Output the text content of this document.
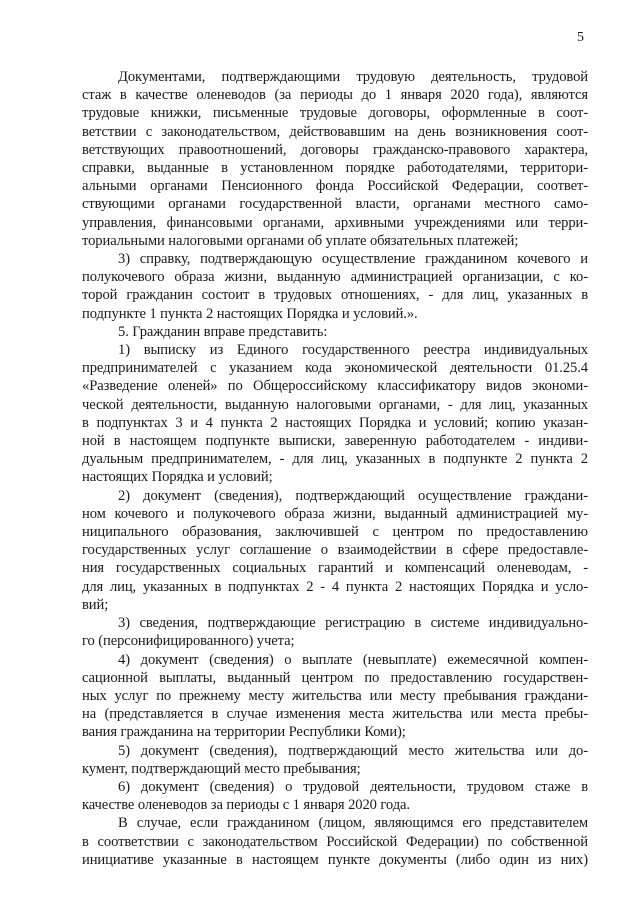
5

Документами, подтверждающими трудовую деятельность, трудовой
стаж в качестве оленеводов (за периоды до 1 января 2020 года), являются
трудовые книжки, письменные трудовые договоры, оформленные в соот-
ветствии с законодательством, действовавшим на день возникновения соот-
ветствующих правоотношений, договоры гражданско-правового характера,
справки, выданные в установленном порядке работодателями, территори-
альными органами Пенсионного фонда Российской Федерации, соответ-
ствующими органами государственной власти, органами местного само-
управления, финансовыми органами, архивными учреждениями или терри-
ториальными налоговыми органами об уплате обязательных платежей;

3) справку, подтверждающую осуществление гражданином кочевого и
полукочевого образа жизни, выданную администрацией организации, с ко-
торой гражданин состоит в трудовых отношениях, - для лиц, указанных в
подпункте 1 пункта 2 настоящих Порядка и условий.».

5. Гражданин вправе представить:

1) выписку из Единого государственного реестра индивидуальных
предпринимателей с указанием кода экономической деятельности 01.25.4
«Разведение оленей» по Общероссийскому классификатору видов экономи-
ческой деятельности, выданную налоговыми органами, - для лиц, указанных
в подпунктах 3 и 4 пункта 2 настоящих Порядка и условий; копию указан-
ной в настоящем подпункте выписки, заверенную работодателем - индиви-
дуальным предпринимателем, - для лиц, указанных в подпункте 2 пункта 2
настоящих Порядка и условий;

2) документ (сведения), подтверждающий осуществление граждани-
ном кочевого и полукочевого образа жизни, выданный администрацией му-
ниципального образования, заключившей с центром по предоставлению
государственных услуг соглашение о взаимодействии в сфере предоставле-
ния государственных социальных гарантий и компенсаций оленеводам, -
для лиц, указанных в подпунктах 2 - 4 пункта 2 настоящих Порядка и усло-
вий;

3) сведения, подтверждающие регистрацию в системе индивидуально-
го (персонифицированного) учета;

4) документ (сведения) о выплате (невыплате) ежемесячной компен-
сационной выплаты, выданный центром по предоставлению государствен-
ных услуг по прежнему месту жительства или месту пребывания граждани-
на (представляется в случае изменения места жительства или места пребы-
вания гражданина на территории Республики Коми);

5) документ (сведения), подтверждающий место жительства или до-
кумент, подтверждающий место пребывания;

6) документ (сведения) о трудовой деятельности, трудовом стаже в
качестве оленеводов за периоды с 1 января 2020 года.

В случае, если гражданином (лицом, являющимся его представителем
в соответствии с законодательством Российской Федерации) по собственной
инициативе указанные в настоящем пункте документы (либо один из них)
